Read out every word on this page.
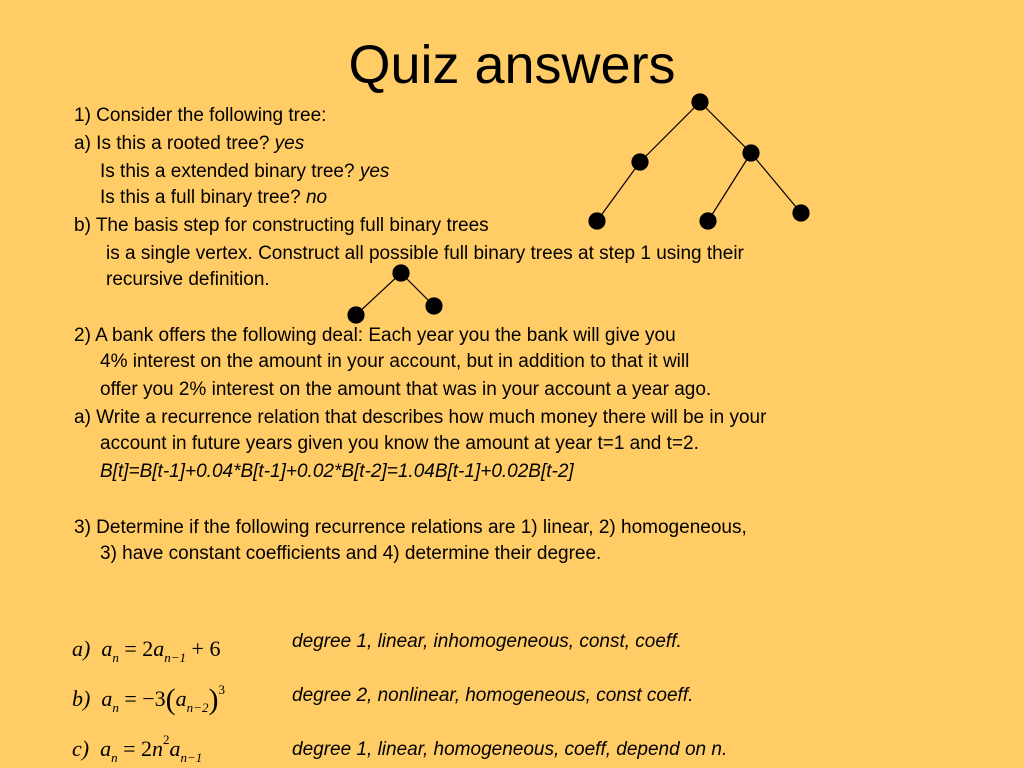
Quiz answers
1) Consider the following tree:
a) Is this a rooted tree? yes
Is this a extended binary tree? yes
Is this a full binary tree? no
b) The basis step for constructing full binary trees
is a single vertex. Construct all possible full binary trees at step 1 using their
recursive definition.
2) A bank offers the following deal: Each year you the bank will give you
4% interest on the amount in your account, but in addition to that it will
offer you 2% interest on the amount that was in your account a year ago.
a) Write a recurrence relation that describes how much money there will be in your
account in future years given you know the amount at year t=1 and t=2.
B[t]=B[t-1]+0.04*B[t-1]+0.02*B[t-2]=1.04B[t-1]+0.02B[t-2]
3) Determine if the following recurrence relations are 1) linear, 2) homogeneous,
3) have constant coefficients and 4) determine their degree.
a) $a_n = 2a_{n-1} + 6$	degree 1, linear, inhomogeneous, const, coeff.
b) $a_n = -3(a_{n-2})^3$	degree 2, nonlinear, homogeneous, const coeff.
c) $a_n = 2n^2a_{n-1}$	degree 1, linear, homogeneous, coeff, depend on n.
